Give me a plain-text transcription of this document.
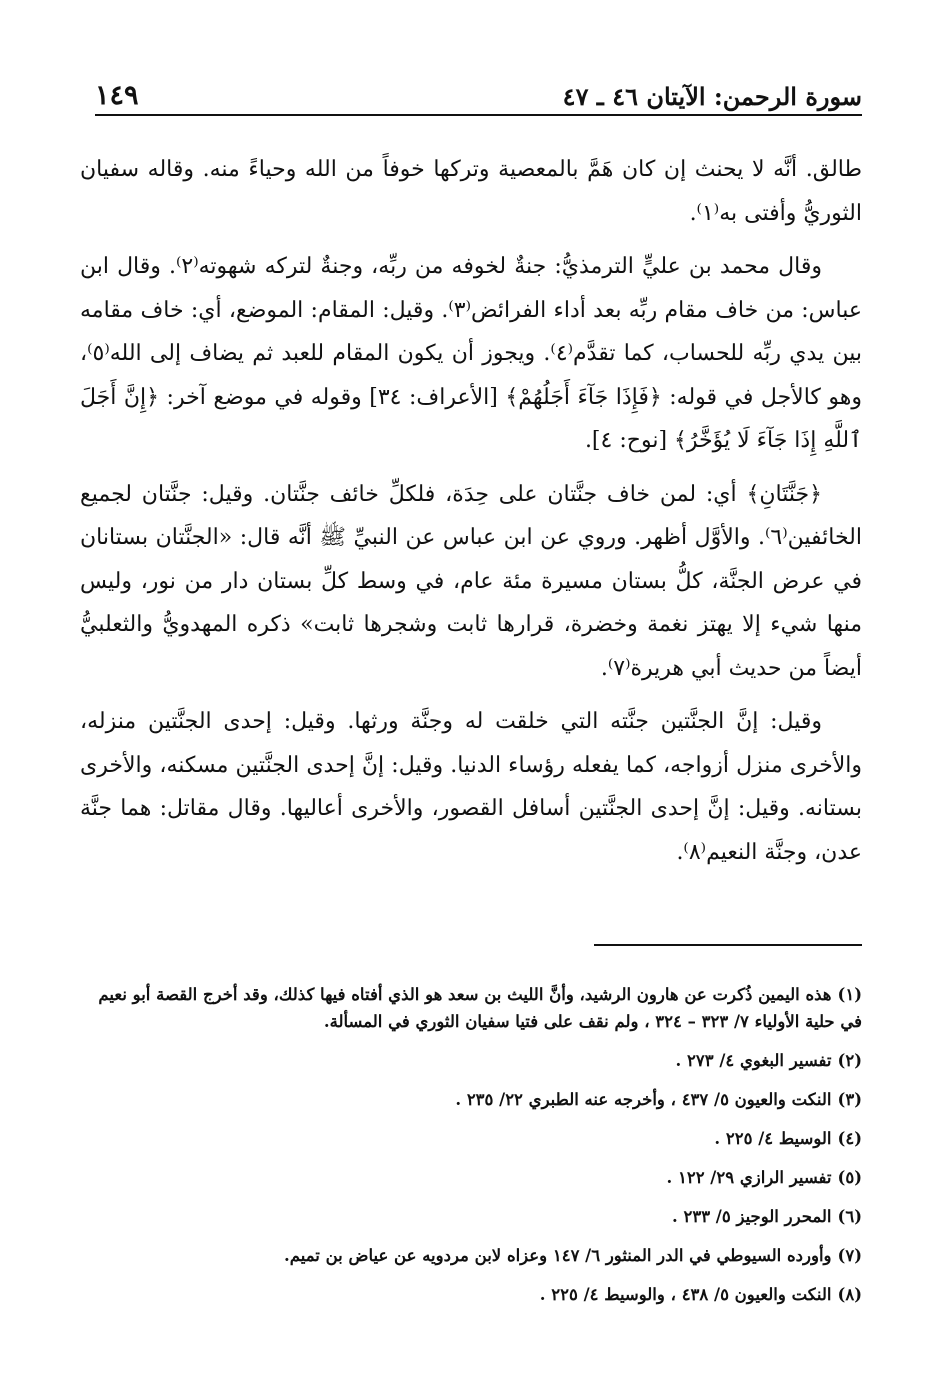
سورة الرحمن: الآيتان ٤٦ ـ ٤٧
١٤٩

طالق. أنَّه لا يحنث إن كان هَمَّ بالمعصية وتركها خوفاً من الله وحياءً منه. وقاله سفيان الثوريُّ وأفتى به⁽١⁾.

وقال محمد بن عليٍّ الترمذيُّ: جنةٌ لخوفه من ربِّه، وجنةٌ لتركه شهوته⁽٢⁾. وقال ابن عباس: من خاف مقام ربِّه بعد أداء الفرائض⁽٣⁾. وقيل: المقام: الموضع، أي: خاف مقامه بين يدي ربِّه للحساب، كما تقدَّم⁽٤⁾. ويجوز أن يكون المقام للعبد ثم يضاف إلى الله⁽٥⁾، وهو كالأجل في قوله: ﴿فَإِذَا جَآءَ أَجَلُهُمْ﴾ [الأعراف: ٣٤] وقوله في موضع آخر: ﴿إِنَّ أَجَلَ ٱللَّهِ إِذَا جَآءَ لَا يُؤَخَّرُ﴾ [نوح: ٤].

﴿جَنَّتَانِ﴾ أي: لمن خاف جنَّتان على حِدَة، فلكلِّ خائف جنَّتان. وقيل: جنَّتان لجميع الخائفين⁽٦⁾. والأوَّل أظهر. وروي عن ابن عباس عن النبيِّ ﷺ أنَّه قال: «الجنَّتان بستانان في عرض الجنَّة، كلُّ بستان مسيرة مئة عام، في وسط كلِّ بستان دار من نور، وليس منها شيء إلا يهتز نغمة وخضرة، قرارها ثابت وشجرها ثابت» ذكره المهدويُّ والثعلبيُّ أيضاً من حديث أبي هريرة⁽٧⁾.

وقيل: إنَّ الجنَّتين جنَّته التي خلقت له وجنَّة ورثها. وقيل: إحدى الجنَّتين منزله، والأخرى منزل أزواجه، كما يفعله رؤساء الدنيا. وقيل: إنَّ إحدى الجنَّتين مسكنه، والأخرى بستانه. وقيل: إنَّ إحدى الجنَّتين أسافل القصور، والأخرى أعاليها. وقال مقاتل: هما جنَّة عدن، وجنَّة النعيم⁽٨⁾.

(١)هذه اليمين ذُكرت عن هارون الرشيد، وأنَّ الليث بن سعد هو الذي أفتاه فيها كذلك، وقد أخرج القصة أبو نعيم في حلية الأولياء ٧/ ٣٢٣ – ٣٢٤ ، ولم نقف على فتيا سفيان الثوري في المسألة.
(٢)تفسير البغوي ٤/ ٢٧٣ .
(٣)النكت والعيون ٥/ ٤٣٧ ، وأخرجه عنه الطبري ٢٢/ ٢٣٥ .
(٤)الوسيط ٤/ ٢٢٥ .
(٥)تفسير الرازي ٢٩/ ١٢٢ .
(٦)المحرر الوجيز ٥/ ٢٣٣ .
(٧)وأورده السيوطي في الدر المنثور ٦/ ١٤٧ وعزاه لابن مردويه عن عياض بن تميم.
(٨)النكت والعيون ٥/ ٤٣٨ ، والوسيط ٤/ ٢٢٥ .
